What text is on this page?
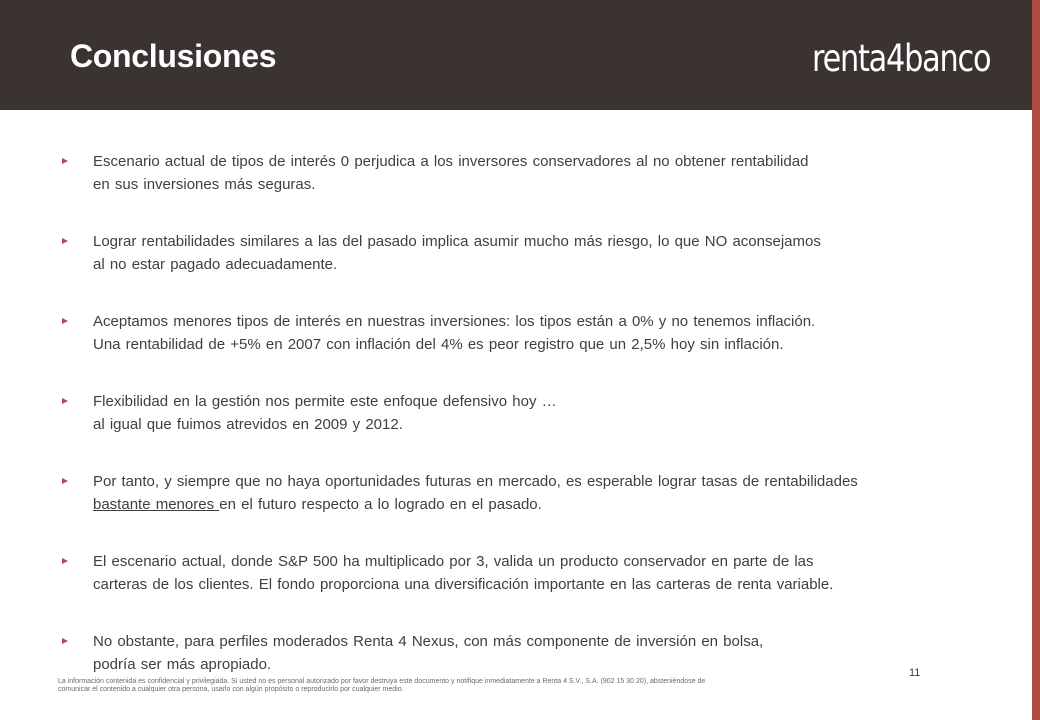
Conclusiones	renta4banco
Escenario actual de tipos de interés 0 perjudica a los inversores conservadores al no obtener rentabilidad
en sus inversiones más seguras.
Lograr rentabilidades similares a las del pasado implica asumir mucho más riesgo, lo que NO aconsejamos
al no estar pagado adecuadamente.
Aceptamos menores tipos de interés en nuestras inversiones: los tipos están a 0% y no tenemos inflación.
Una rentabilidad de +5% en 2007 con inflación del 4% es peor registro que un 2,5% hoy sin inflación.
Flexibilidad en la gestión nos permite este enfoque defensivo hoy …
al igual que fuimos atrevidos en 2009 y 2012.
Por tanto, y siempre que no haya oportunidades futuras en mercado, es esperable lograr tasas de rentabilidades
bastante menores en el futuro respecto a lo logrado en el pasado.
El escenario actual, donde S&P 500 ha multiplicado por 3, valida un producto conservador en parte de las
carteras de los clientes. El fondo proporciona una diversificación importante en las carteras de renta variable.
No obstante, para perfiles moderados Renta 4 Nexus, con más componente de inversión en bolsa,
podría ser más apropiado.
La información contenida es confidencial y privilegiada. Si usted no es personal autorizado por favor destruya este documento y notifique inmediatamente a Renta 4 S.V., S.A. (902 15 30 20), absteniéndose de
comunicar el contenido a cualquier otra persona, usarlo con algún propósito o reproducirlo por cualquier medio.
11
